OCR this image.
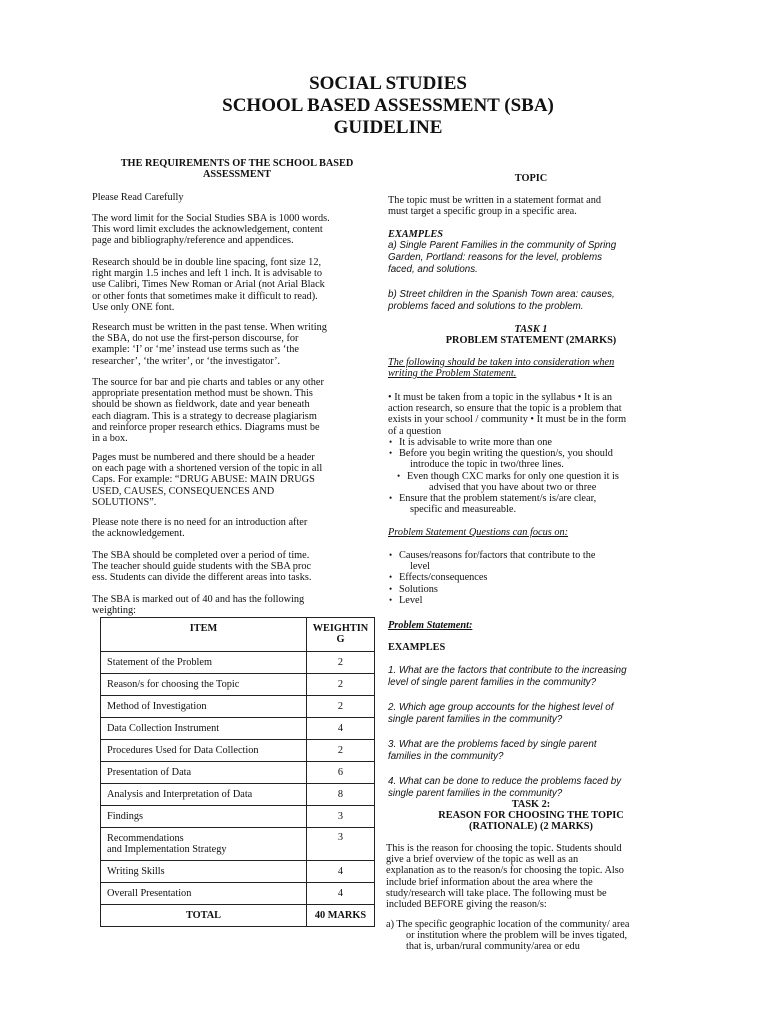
SOCIAL STUDIES
SCHOOL BASED ASSESSMENT (SBA)
GUIDELINE
THE REQUIREMENTS OF THE SCHOOL BASED
ASSESSMENT
Please Read Carefully
The word limit for the Social Studies SBA is 1000 words.
This word limit excludes the acknowledgement, content
page and bibliography/reference and appendices.
Research should be in double line spacing, font size 12,
right margin 1.5 inches and left 1 inch. It is advisable to
use Calibri, Times New Roman or Arial (not Arial Black
or other fonts that sometimes make it difficult to read).
Use only ONE font.
Research must be written in the past tense. When writing
the SBA, do not use the first-person discourse, for
example: ‘I’ or ‘me’ instead use terms such as ‘the
researcher’, ‘the writer’, or ‘the investigator’.
The source for bar and pie charts and tables or any other
appropriate presentation method must be shown. This
should be shown as fieldwork, date and year beneath
each diagram. This is a strategy to decrease plagiarism
and reinforce proper research ethics. Diagrams must be
in a box.
Pages must be numbered and there should be a header
on each page with a shortened version of the topic in all
Caps. For example: “DRUG ABUSE: MAIN DRUGS
USED, CAUSES, CONSEQUENCES AND
SOLUTIONS”.
Please note there is no need for an introduction after
the acknowledgement.
The SBA should be completed over a period of time.
The teacher should guide students with the SBA proc
ess. Students can divide the different areas into tasks.
The SBA is marked out of 40 and has the following
weighting:
ITEM	WEIGHTIN
G

Statement of the Problem	2
Reason/s for choosing the Topic	2
Method of Investigation	2
Data Collection Instrument	4
Procedures Used for Data Collection	2
Presentation of Data	6
Analysis and Interpretation of Data	8
Findings	3

Recommendations
and Implementation Strategy	3
Writing Skills	4
Overall Presentation	4
TOTAL	40 MARKS
TOPIC
The topic must be written in a statement format and
must target a specific group in a specific area.
EXAMPLES
a) Single Parent Families in the community of Spring
Garden, Portland: reasons for the level, problems
faced, and solutions.
b) Street children in the Spanish Town area: causes,
problems faced and solutions to the problem.
TASK 1
PROBLEM STATEMENT (2MARKS)
The following should be taken into consideration when
writing the Problem Statement.
• It must be taken from a topic in the syllabus • It is an
action research, so ensure that the topic is a problem that
exists in your school / community • It must be in the form
of a question
• It is advisable to write more than one
• Before you begin writing the question/s, you should
introduce the topic in two/three lines.
• Even though CXC marks for only one question it is
advised that you have about two or three
• Ensure that the problem statement/s is/are clear,
specific and measureable.
Problem Statement Questions can focus on:
• Causes/reasons for/factors that contribute to the
level
• Effects/consequences
• Solutions
• Level
Problem Statement:
EXAMPLES
1. What are the factors that contribute to the increasing
level of single parent families in the community?
2. Which age group accounts for the highest level of
single parent families in the community?
3. What are the problems faced by single parent
families in the community?
4. What can be done to reduce the problems faced by
single parent families in the community?
TASK 2:
REASON FOR CHOOSING THE TOPIC
(RATIONALE) (2 MARKS)
This is the reason for choosing the topic. Students should
give a brief overview of the topic as well as an
explanation as to the reason/s for choosing the topic. Also
include brief information about the area where the
study/research will take place. The following must be
included BEFORE giving the reason/s:
a) The specific geographic location of the community/ area
or institution where the problem will be inves tigated,
that is, urban/rural community/area or edu
